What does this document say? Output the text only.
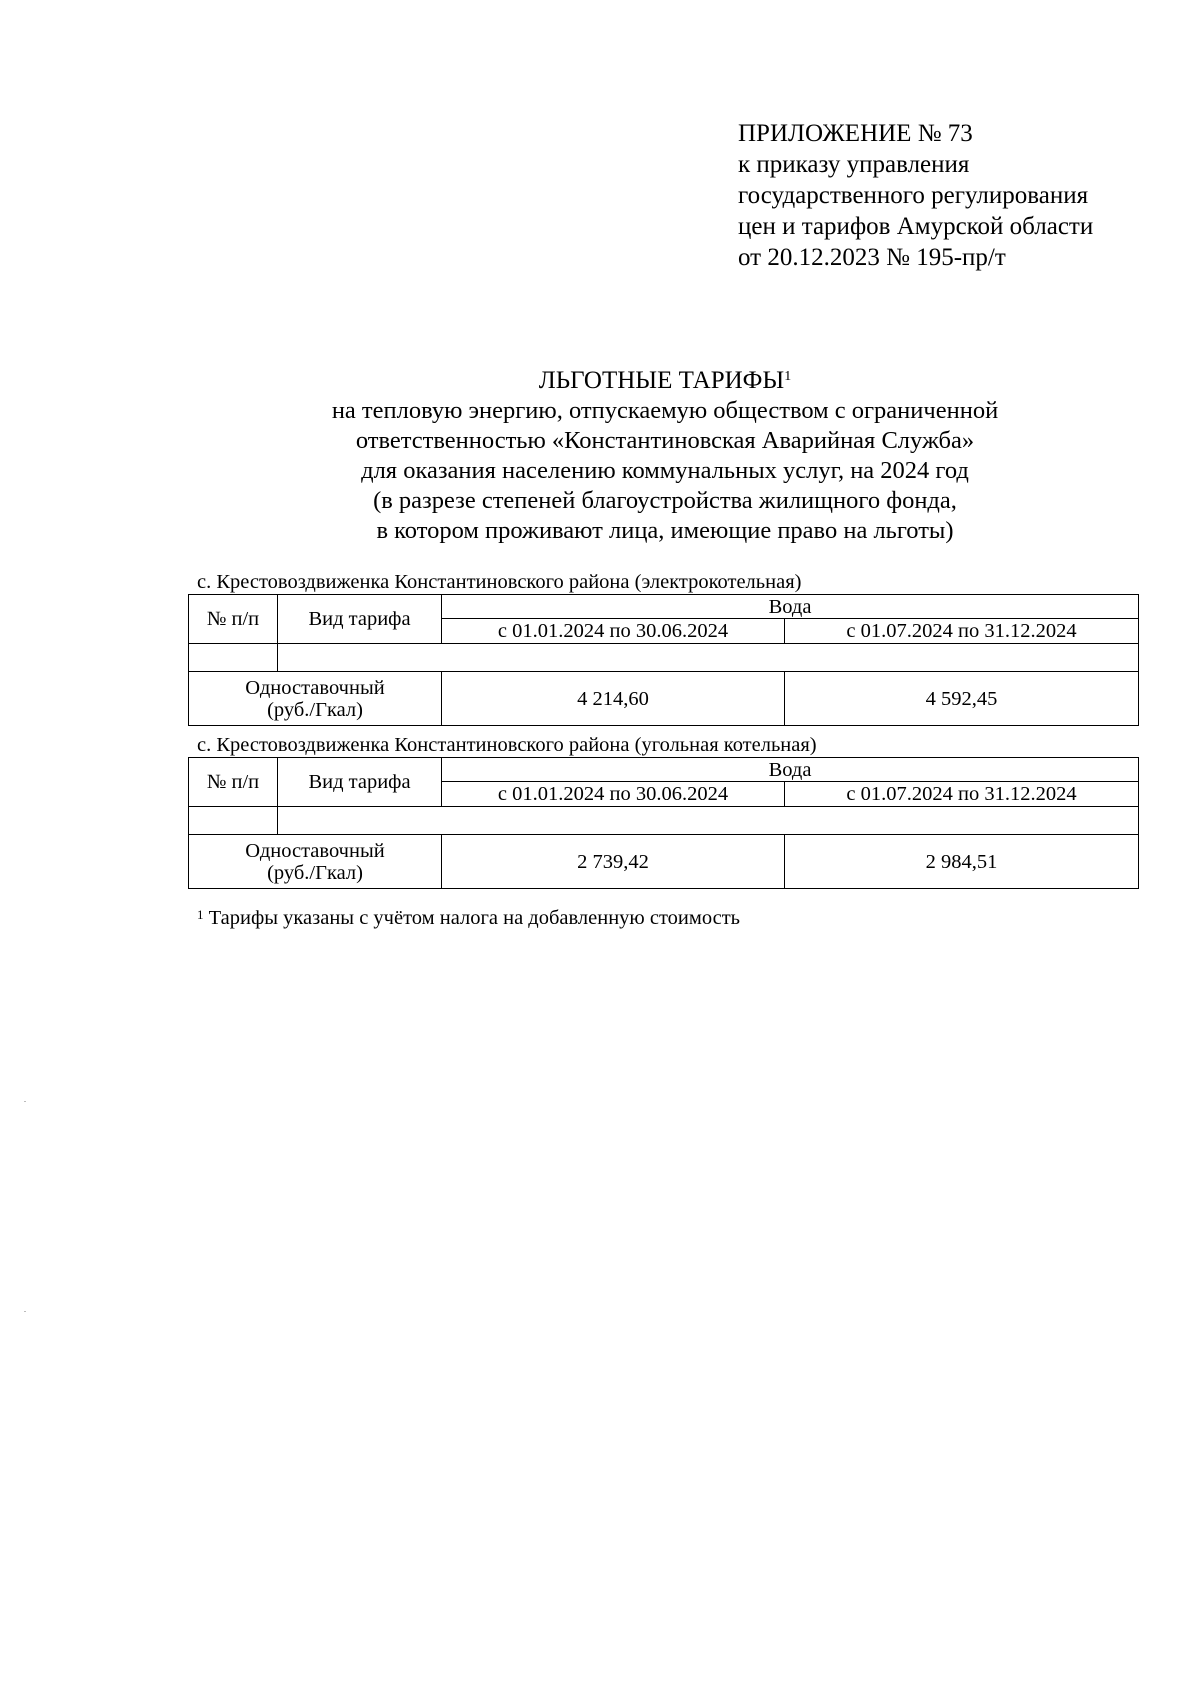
ПРИЛОЖЕНИЕ № 73
к приказу управления
государственного регулирования
цен и тарифов Амурской области
от 20.12.2023 № 195-пр/т
ЛЬГОТНЫЕ ТАРИФЫ$^1$
на тепловую энергию, отпускаемую обществом с ограниченной
ответственностью «Константиновская Аварийная Служба»
для оказания населению коммунальных услуг, на 2024 год
(в разрезе степеней благоустройства жилищного фонда,
в котором проживают лица, имеющие право на льготы)
с. Крестовоздвиженка Константиновского района (электрокотельная)
№ п/п	Вид тарифа	Вода	
		с 01.01.2024 по 30.06.2024	с 01.07.2024 по 31.12.2024

Одноставочный
(руб./Гкал)		4 214,60	4 592,45
с. Крестовоздвиженка Константиновского района (угольная котельная)
№ п/п	Вид тарифа	Вода	
		с 01.01.2024 по 30.06.2024	с 01.07.2024 по 31.12.2024

Одноставочный
(руб./Гкал)		2 739,42	2 984,51
$^1$ Тарифы указаны с учётом налога на добавленную стоимость
